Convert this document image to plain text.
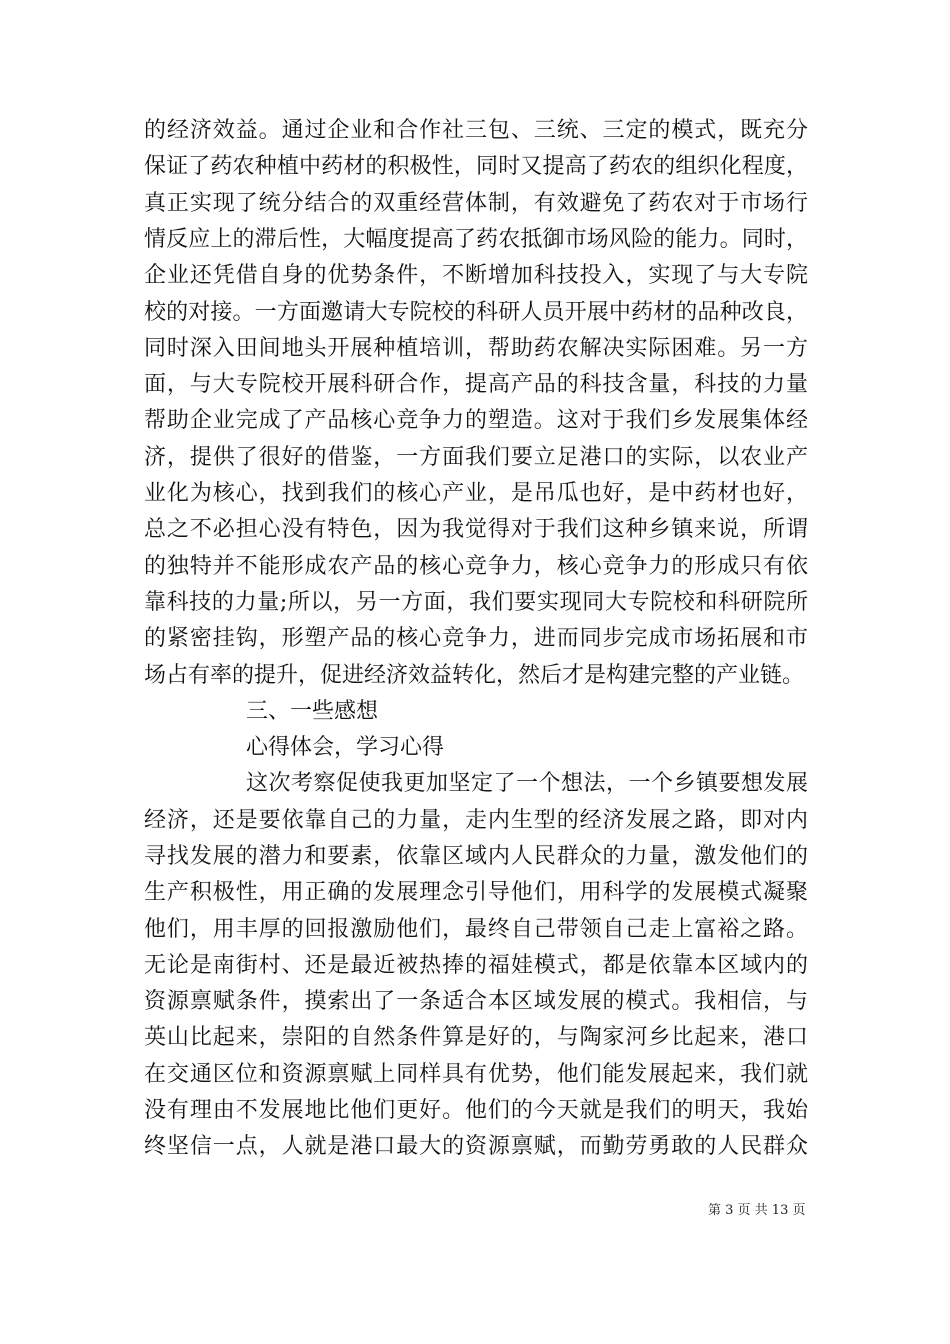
的经济效益。通过企业和合作社三包、三统、三定的模式，既充分
保证了药农种植中药材的积极性，同时又提高了药农的组织化程度，
真正实现了统分结合的双重经营体制，有效避免了药农对于市场行
情反应上的滞后性，大幅度提高了药农抵御市场风险的能力。同时，
企业还凭借自身的优势条件，不断增加科技投入，实现了与大专院
校的对接。一方面邀请大专院校的科研人员开展中药材的品种改良，
同时深入田间地头开展种植培训，帮助药农解决实际困难。另一方
面，与大专院校开展科研合作，提高产品的科技含量，科技的力量
帮助企业完成了产品核心竞争力的塑造。这对于我们乡发展集体经
济，提供了很好的借鉴，一方面我们要立足港口的实际，以农业产
业化为核心，找到我们的核心产业，是吊瓜也好，是中药材也好，
总之不必担心没有特色，因为我觉得对于我们这种乡镇来说，所谓
的独特并不能形成农产品的核心竞争力，核心竞争力的形成只有依
靠科技的力量;所以，另一方面，我们要实现同大专院校和科研院所
的紧密挂钩，形塑产品的核心竞争力，进而同步完成市场拓展和市
场占有率的提升，促进经济效益转化，然后才是构建完整的产业链。
三、一些感想
心得体会，学习心得
这次考察促使我更加坚定了一个想法，一个乡镇要想发展
经济，还是要依靠自己的力量，走内生型的经济发展之路，即对内
寻找发展的潜力和要素，依靠区域内人民群众的力量，激发他们的
生产积极性，用正确的发展理念引导他们，用科学的发展模式凝聚
他们，用丰厚的回报激励他们，最终自己带领自己走上富裕之路。
无论是南街村、还是最近被热捧的福娃模式，都是依靠本区域内的
资源禀赋条件，摸索出了一条适合本区域发展的模式。我相信，与
英山比起来，崇阳的自然条件算是好的，与陶家河乡比起来，港口
在交通区位和资源禀赋上同样具有优势，他们能发展起来，我们就
没有理由不发展地比他们更好。他们的今天就是我们的明天，我始
终坚信一点，人就是港口最大的资源禀赋，而勤劳勇敢的人民群众
第 3 页 共 13 页
